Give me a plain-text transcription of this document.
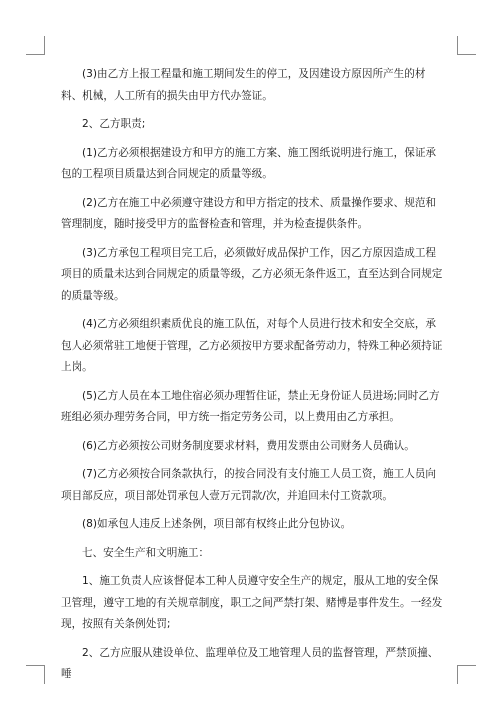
(3)由乙方上报工程量和施工期间发生的停工，及因建设方原因所产生的材料、机械，人工所有的损失由甲方代办签证。

2、乙方职责;

(1)乙方必须根据建设方和甲方的施工方案、施工图纸说明进行施工，保证承包的工程项目质量达到合同规定的质量等级。

(2)乙方在施工中必须遵守建设方和甲方指定的技术、质量操作要求、规范和管理制度，随时接受甲方的监督检查和管理，并为检查提供条件。

(3)乙方承包工程项目完工后，必须做好成品保护工作，因乙方原因造成工程项目的质量未达到合同规定的质量等级，乙方必须无条件返工，直至达到合同规定的质量等级。

(4)乙方必须组织素质优良的施工队伍，对每个人员进行技术和安全交底，承包人必须常驻工地便于管理，乙方必须按甲方要求配备劳动力，特殊工种必须持证上岗。

(5)乙方人员在本工地住宿必须办理暂住证，禁止无身份证人员进场;同时乙方班组必须办理劳务合同，甲方统一指定劳务公司，以上费用由乙方承担。

(6)乙方必须按公司财务制度要求材料，费用发票由公司财务人员确认。

(7)乙方必须按合同条款执行，的按合同没有支付施工人员工资，施工人员向项目部反应，项目部处罚承包人壹万元罚款/次，并追回未付工资款项。

(8)如承包人违反上述条例，项目部有权终止此分包协议。

七、安全生产和文明施工：

1、施工负责人应该督促本工种人员遵守安全生产的规定，服从工地的安全保卫管理，遵守工地的有关规章制度，职工之间严禁打架、赌博是事件发生。一经发现，按照有关条例处罚;

2、乙方应服从建设单位、监理单位及工地管理人员的监督管理，严禁顶撞、唾
